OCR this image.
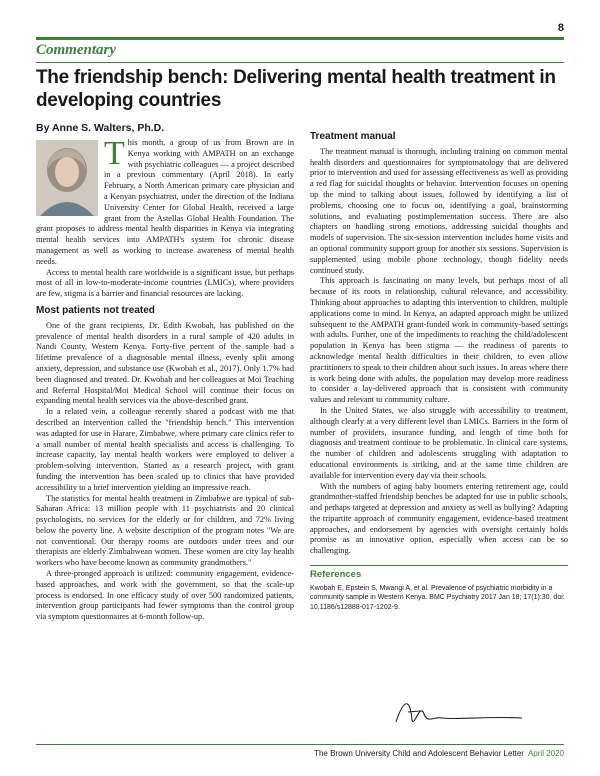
8
Commentary
The friendship bench: Delivering mental health treatment in developing countries

By Anne S. Walters, Ph.D.

This month, a group of us from Brown are in Kenya working with AMPATH on an exchange with psychiatric colleagues — a project described in a previous commentary (April 2018). In early February, a North American primary care physician and a Kenyan psychiatrist, under the direction of the Indiana University Center for Global Health, received a large grant from the Astellas Global Health Foundation. The grant proposes to address mental health disparities in Kenya via integrating mental health services into AMPATH's system for chronic disease management as well as working to increase awareness of mental health needs.

Access to mental health care worldwide is a significant issue, but perhaps most of all in low-to-moderate-income countries (LMICs), where providers are few, stigma is a barrier and financial resources are lacking.

Most patients not treated

One of the grant recipients, Dr. Edith Kwobah, has published on the prevalence of mental health disorders in a rural sample of 420 adults in Nandi County, Western Kenya. Forty-five percent of the sample had a lifetime prevalence of a diagnosable mental illness, evenly split among anxiety, depression, and substance use (Kwobah et al., 2017). Only 1.7% had been diagnosed and treated. Dr. Kwobah and her colleagues at Moi Teaching and Referral Hospital/Moi Medical School will continue their focus on expanding mental health services via the above-described grant.

In a related vein, a colleague recently shared a podcast with me that described an intervention called the "friendship bench." This intervention was adapted for use in Harare, Zimbabwe, where primary care clinics refer to a small number of mental health specialists and access is challenging. To increase capacity, lay mental health workers were employed to deliver a problem-solving intervention. Started as a research project, with grant funding the intervention has been scaled up to clinics that have provided accessibility to a brief intervention yielding an impressive reach.

The statistics for mental health treatment in Zimbabwe are typical of sub-Saharan Africa: 13 million people with 11 psychiatrists and 20 clinical psychologists, no services for the elderly or for children, and 72% living below the poverty line. A website description of the program notes "We are not conventional. Our therapy rooms are outdoors under trees and our therapists are elderly Zimbabwean women. These women are city lay health workers who have become known as community grandmothers."

A three-pronged approach is utilized: community engagement, evidence-based approaches, and work with the government, so that the scale-up process is endorsed. In one efficacy study of over 500 randomized patients, intervention group participants had fewer symptoms than the control group via symptom questionnaires at 6-month follow-up.

Treatment manual

The treatment manual is thorough, including training on common mental health disorders and questionnaires for symptomatology that are delivered prior to intervention and used for assessing effectiveness as well as providing a red flag for suicidal thoughts or behavior. Intervention focuses on opening up the mind to talking about issues, followed by identifying a list of problems, choosing one to focus on, identifying a goal, brainstorming solutions, and evaluating postimplementation success. There are also chapters on handling strong emotions, addressing suicidal thoughts and models of supervision. The six-session intervention includes home visits and an optional community support group for another six sessions. Supervision is supplemented using mobile phone technology, though fidelity needs continued study.

This approach is fascinating on many levels, but perhaps most of all because of its roots in relationship, cultural relevance, and accessibility. Thinking about approaches to adapting this intervention to children, multiple applications come to mind. In Kenya, an adapted approach might be utilized subsequent to the AMPATH grant-funded work in community-based settings with adults. Further, one of the impediments to reaching the child/adolescent population in Kenya has been stigma — the readiness of parents to acknowledge mental health difficulties in their children, to even allow practitioners to speak to their children about such issues. In areas where there is work being done with adults, the population may develop more readiness to consider a lay-delivered approach that is consistent with community values and relevant to community culture.

In the United States, we also struggle with accessibility to treatment, although clearly at a very different level than LMICs. Barriers in the form of number of providers, insurance funding, and length of time both for diagnosis and treatment continue to be problematic. In clinical care systems, the number of children and adolescents struggling with adaptation to educational environments is striking, and at the same time children are available for intervention every day via their schools.

With the numbers of aging baby boomers entering retirement age, could grandmother-staffed friendship benches be adapted for use in public schools, and perhaps targeted at depression and anxiety as well as bullying? Adapting the tripartite approach of community engagement, evidence-based treatment approaches, and endorsement by agencies with oversight certainly holds promise as an innovative option, especially when access can be so challenging.

References

Kwobah E, Epstein S, Mwangi A, et al. Prevalence of psychiatric morbidity in a community sample in Western Kenya. BMC Psychiatry 2017 Jan 18; 17(1):30. doi: 10.1186/s12888-017-1202-9.

The Brown University Child and Adolescent Behavior Letter April 2020
